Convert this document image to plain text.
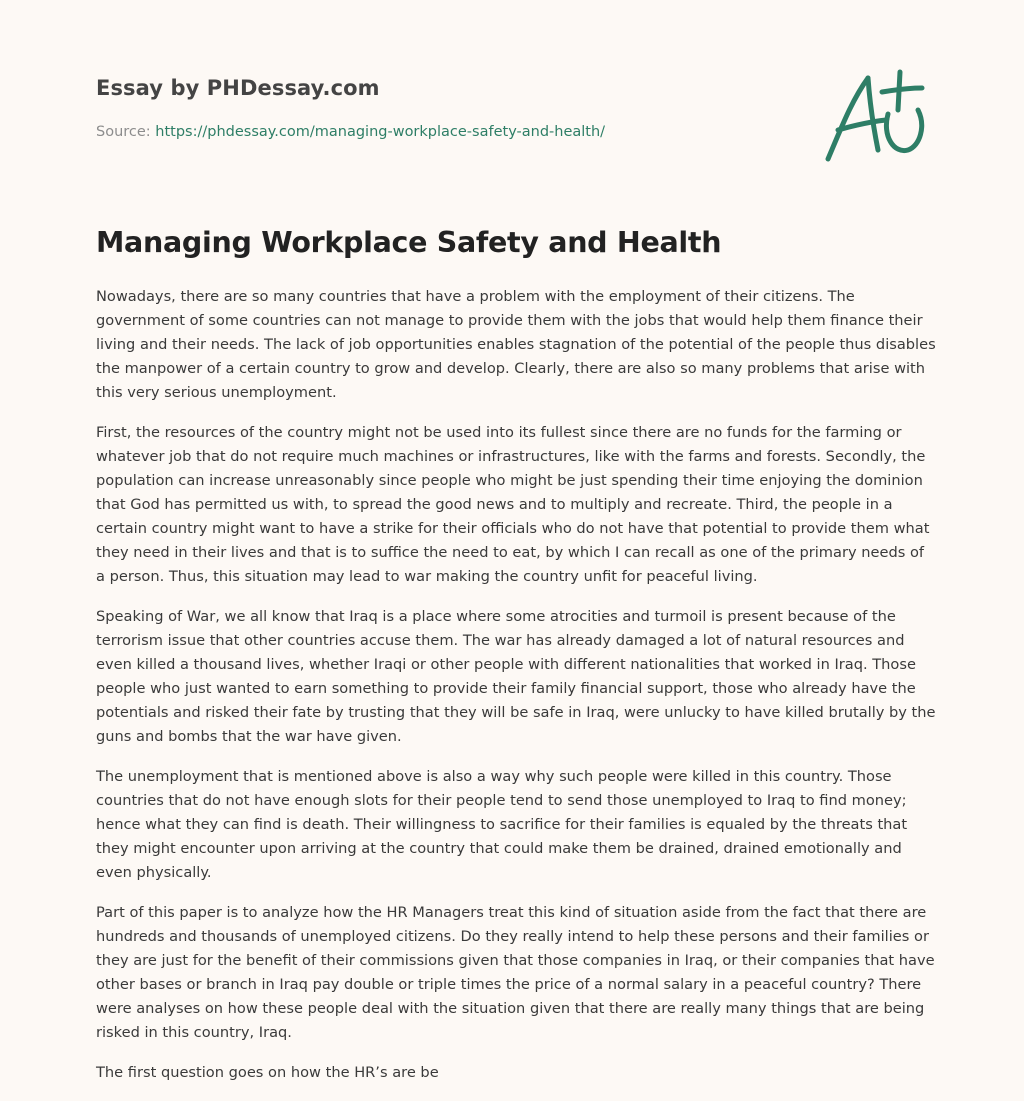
Essay by PHDessay.com
Source: https://phdessay.com/managing-workplace-safety-and-health/
Managing Workplace Safety and Health

Nowadays, there are so many countries that have a problem with the employment of their citizens. The government of some countries can not manage to provide them with the jobs that would help them finance their living and their needs. The lack of job opportunities enables stagnation of the potential of the people thus disables the manpower of a certain country to grow and develop. Clearly, there are also so many problems that arise with this very serious unemployment.

First, the resources of the country might not be used into its fullest since there are no funds for the farming or whatever job that do not require much machines or infrastructures, like with the farms and forests. Secondly, the population can increase unreasonably since people who might be just spending their time enjoying the dominion that God has permitted us with, to spread the good news and to multiply and recreate. Third, the people in a certain country might want to have a strike for their officials who do not have that potential to provide them what they need in their lives and that is to suffice the need to eat, by which I can recall as one of the primary needs of a person. Thus, this situation may lead to war making the country unfit for peaceful living.

Speaking of War, we all know that Iraq is a place where some atrocities and turmoil is present because of the terrorism issue that other countries accuse them. The war has already damaged a lot of natural resources and even killed a thousand lives, whether Iraqi or other people with different nationalities that worked in Iraq. Those people who just wanted to earn something to provide their family financial support, those who already have the potentials and risked their fate by trusting that they will be safe in Iraq, were unlucky to have killed brutally by the guns and bombs that the war have given.

The unemployment that is mentioned above is also a way why such people were killed in this country. Those countries that do not have enough slots for their people tend to send those unemployed to Iraq to find money; hence what they can find is death. Their willingness to sacrifice for their families is equaled by the threats that they might encounter upon arriving at the country that could make them be drained, drained emotionally and even physically.

Part of this paper is to analyze how the HR Managers treat this kind of situation aside from the fact that there are hundreds and thousands of unemployed citizens. Do they really intend to help these persons and their families or they are just for the benefit of their commissions given that those companies in Iraq, or their companies that have other bases or branch in Iraq pay double or triple times the price of a normal salary in a peaceful country? There were analyses on how these people deal with the situation given that there are really many things that are being risked in this country, Iraq.

The first question goes on how the HR’s are be
